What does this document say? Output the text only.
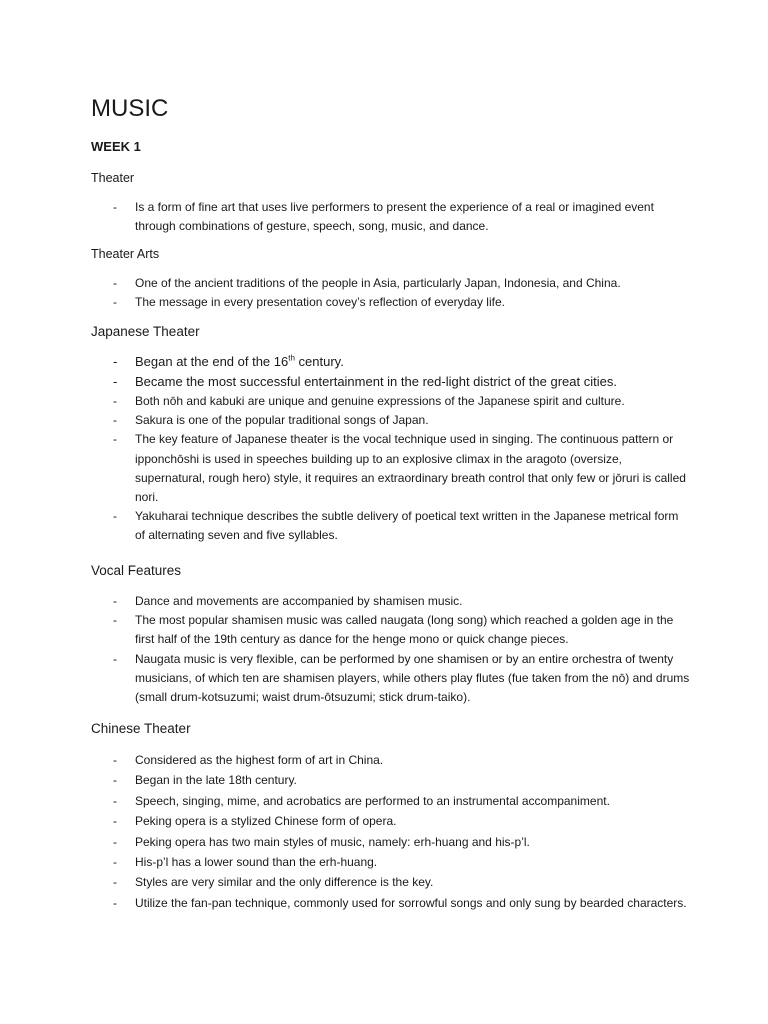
MUSIC
WEEK 1
Theater
- Is a form of fine art that uses live performers to present the experience of a real or imagined event through combinations of gesture, speech, song, music, and dance.
Theater Arts
- One of the ancient traditions of the people in Asia, particularly Japan, Indonesia, and China.
- The message in every presentation covey’s reflection of everyday life.
Japanese Theater
- Began at the end of the 16th century.
- Became the most successful entertainment in the red-light district of the great cities.
- Both nōh and kabuki are unique and genuine expressions of the Japanese spirit and culture.
- Sakura is one of the popular traditional songs of Japan.
- The key feature of Japanese theater is the vocal technique used in singing. The continuous pattern or ipponchōshi is used in speeches building up to an explosive climax in the aragoto (oversize, supernatural, rough hero) style, it requires an extraordinary breath control that only few or jōruri is called nori.
- Yakuharai technique describes the subtle delivery of poetical text written in the Japanese metrical form of alternating seven and five syllables.
Vocal Features
- Dance and movements are accompanied by shamisen music.
- The most popular shamisen music was called naugata (long song) which reached a golden age in the first half of the 19th century as dance for the henge mono or quick change pieces.
- Naugata music is very flexible, can be performed by one shamisen or by an entire orchestra of twenty musicians, of which ten are shamisen players, while others play flutes (fue taken from the nō) and drums (small drum-kotsuzumi; waist drum-ōtsuzumi; stick drum-taiko).
Chinese Theater
- Considered as the highest form of art in China.
- Began in the late 18th century.
- Speech, singing, mime, and acrobatics are performed to an instrumental accompaniment.
- Peking opera is a stylized Chinese form of opera.
- Peking opera has two main styles of music, namely: erh-huang and his-p’l.
- His-p’l has a lower sound than the erh-huang.
- Styles are very similar and the only difference is the key.
- Utilize the fan-pan technique, commonly used for sorrowful songs and only sung by bearded characters.
